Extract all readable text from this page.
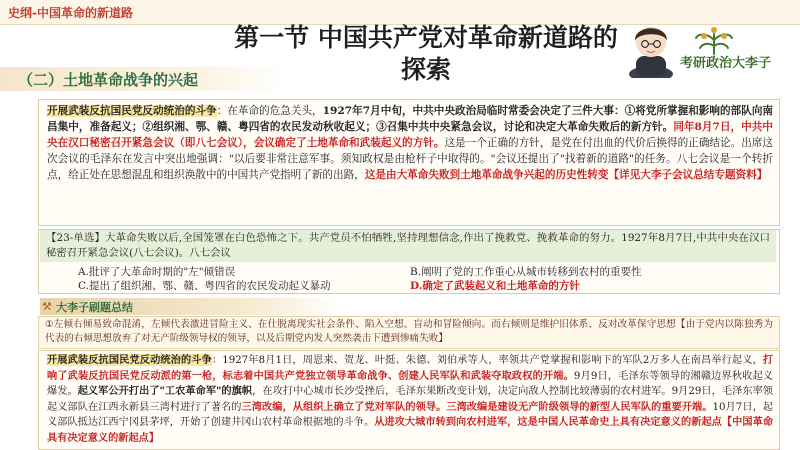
史纲-中国革命的新道路
第一节 中国共产党对革命新道路的探索	考研政治大李子
（二）土地革命战争的兴起
开展武装反抗国民党反动统治的斗争：在革命的危急关头，1927年7月中旬，中共中央政治局临时常委会决定了三件大事：①将党所掌握和影响的部队向南昌集中，准备起义；②组织湘、鄂、赣、粤四省的农民发动秋收起义；③召集中共中央紧急会议，讨论和决定大革命失败后的新方针。同年8月7日，中共中央在汉口秘密召开紧急会议（即八七会议），会议确定了土地革命和武装起义的方针。这是一个正确的方针，是党在付出血的代价后换得的正确结论。出席这次会议的毛泽东在发言中突出地强调："以后要非常注意军事。须知政权是由枪杆子中取得的。"会议还提出了"找着新的道路"的任务。八七会议是一个转折点，给正处在思想混乱和组织涣散中的中国共产党指明了新的出路，这是由大革命失败到土地革命战争兴起的历史性转变【详见大李子会议总结专题资料】
【23-单选】大革命失败以后,全国笼罩在白色恐怖之下。共产党员不怕牺牲,坚持理想信念,作出了挽救党、挽救革命的努力。1927年8月7日,中共中央在汉口秘密召开紧急会议(八七会议)。八七会议
A.批评了大革命时期的"左"倾错误	B.阐明了党的工作重心从城市转移到农村的重要性
C.提出了组织湘、鄂、赣、粤四省的农民发动起义暴动	D.确定了武装起义和土地革命的方针
⚒ 大李子刷题总结
①左倾右倾易致命混淆，左倾代表激进冒险主义、在仕脱离现实社会条件、陷入空想、盲动和冒险倾向。而右倾则是维护旧体系、反对改革保守思想【由于党内以陈独秀为代表的右倾思想放弃了对无产阶级领导权的领导，以及后期党内发人突然袭击下遭到惨痛失败】
开展武装反抗国民党反动统治的斗争：1927年8月1日，周恩来、贺龙、叶挺、朱德、刘伯承等人，率领共产党掌握和影响下的军队2万多人在南昌举行起义，打响了武装反抗国民党反动派的第一枪，标志着中国共产党独立领导革命战争、创建人民军队和武装夺取政权的开端。9月9日，毛泽东等领导的湘赣边界秋收起义爆发。起义军公开打出了"工农革命军"的旗帜，在攻打中心城市长沙受挫后，毛泽东果断改变计划，决定向敌人控制比较薄弱的农村进军。9月29日，毛泽东率领起义部队在江西永新县三湾村进行了著名的三湾改编，从组织上确立了党对军队的领导。三湾改编是建设无产阶级领导的新型人民军队的重要开端。10月7日，起义部队抵达江西宁冈县茅坪，开始了创建井冈山农村革命根据地的斗争。从进攻大城市转到向农村进军，这是中国人民革命史上具有决定意义的新起点【中国革命具有决定意义的新起点】
